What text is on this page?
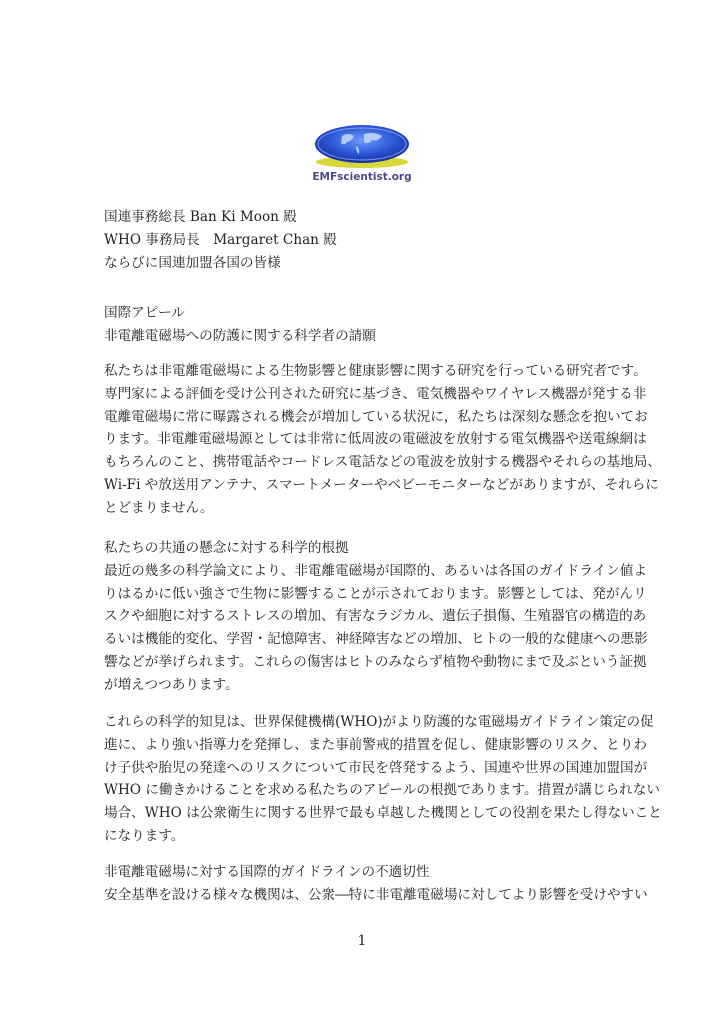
EMFscientist.org
国連事務総長 Ban Ki Moon 殿
WHO 事務局長　Margaret Chan 殿
ならびに国連加盟各国の皆様
国際アピール
非電離電磁場への防護に関する科学者の請願
私たちは非電離電磁場による生物影響と健康影響に関する研究を行っている研究者です。
専門家による評価を受け公刊された研究に基づき、電気機器やワイヤレス機器が発する非
電離電磁場に常に曝露される機会が増加している状況に，私たちは深刻な懸念を抱いてお
ります。非電離電磁場源としては非常に低周波の電磁波を放射する電気機器や送電線網は
もちろんのこと、携帯電話やコードレス電話などの電波を放射する機器やそれらの基地局、
Wi-Fi や放送用アンテナ、スマートメーターやベビーモニターなどがありますが、それらに
とどまりません。
私たちの共通の懸念に対する科学的根拠
最近の幾多の科学論文により、非電離電磁場が国際的、あるいは各国のガイドライン値よ
りはるかに低い強さで生物に影響することが示されております。影響としては、発がんリ
スクや細胞に対するストレスの増加、有害なラジカル、遺伝子損傷、生殖器官の構造的あ
るいは機能的変化、学習・記憶障害、神経障害などの増加、ヒトの一般的な健康への悪影
響などが挙げられます。これらの傷害はヒトのみならず植物や動物にまで及ぶという証拠
が増えつつあります。
これらの科学的知見は、世界保健機構(WHO)がより防護的な電磁場ガイドライン策定の促
進に、より強い指導力を発揮し、また事前警戒的措置を促し、健康影響のリスク、とりわ
け子供や胎児の発達へのリスクについて市民を啓発するよう、国連や世界の国連加盟国が
WHO に働きかけることを求める私たちのアピールの根拠であります。措置が講じられない
場合、WHO は公衆衛生に関する世界で最も卓越した機関としての役割を果たし得ないこと
になります。
非電離電磁場に対する国際的ガイドラインの不適切性
安全基準を設ける様々な機関は、公衆―特に非電離電磁場に対してより影響を受けやすい
1
